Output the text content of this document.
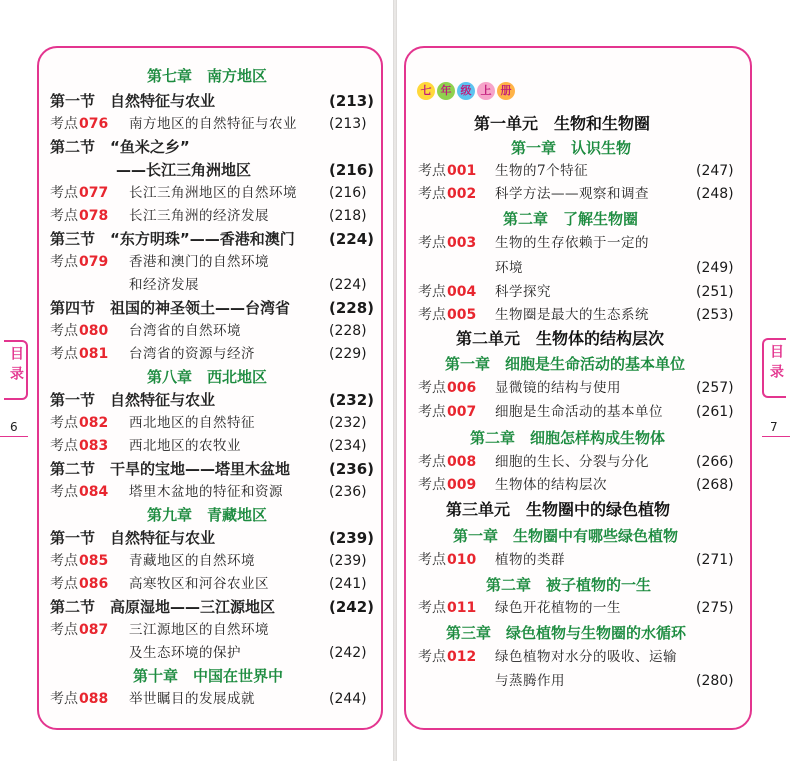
目录
6
目录
7
第七章　南方地区
第一节　自然特征与农业	(213)
考点076 南方地区的自然特征与农业 (213)
第二节　“鱼米之乡”
——长江三角洲地区	(216)
考点077 长江三角洲地区的自然环境 (216)
考点078 长江三角洲的经济发展	(218)
第三节　“东方明珠”——香港和澳门 (224)
考点079 香港和澳门的自然环境
和经济发展	(224)
第四节　祖国的神圣领土——台湾省	(228)
考点080 台湾省的自然环境	(228)
考点081 台湾省的资源与经济	(229)
第八章　西北地区
第一节　自然特征与农业	(232)
考点082 西北地区的自然特征	(232)
考点083 西北地区的农牧业	(234)
第二节　干旱的宝地——塔里木盆地	(236)
考点084 塔里木盆地的特征和资源	(236)
第九章　青藏地区
第一节　自然特征与农业	(239)
考点085 青藏地区的自然环境	(239)
考点086 高寒牧区和河谷农业区	(241)
第二节　高原湿地——三江源地区	(242)
考点087 三江源地区的自然环境
及生态环境的保护	(242)
第十章　中国在世界中
考点088 举世瞩目的发展成就	(244)
七 年 级 上 册
第一单元　生物和生物圈
第一章　认识生物
考点001 生物的7个特征	(247)
考点002 科学方法——观察和调查	(248)
第二章　了解生物圈
考点003 生物的生存依赖于一定的
环境	(249)
考点004 科学探究	(251)
考点005 生物圈是最大的生态系统	(253)
第二单元　生物体的结构层次
第一章　细胞是生命活动的基本单位
考点006 显微镜的结构与使用	(257)
考点007 细胞是生命活动的基本单位 (261)
第二章　细胞怎样构成生物体
考点008 细胞的生长、分裂与分化	(266)
考点009 生物体的结构层次	(268)
第三单元　生物圈中的绿色植物
第一章　生物圈中有哪些绿色植物
考点010 植物的类群	(271)
第二章　被子植物的一生
考点011 绿色开花植物的一生	(275)
第三章　绿色植物与生物圈的水循环
考点012 绿色植物对水分的吸收、运输
与蒸腾作用	(280)
